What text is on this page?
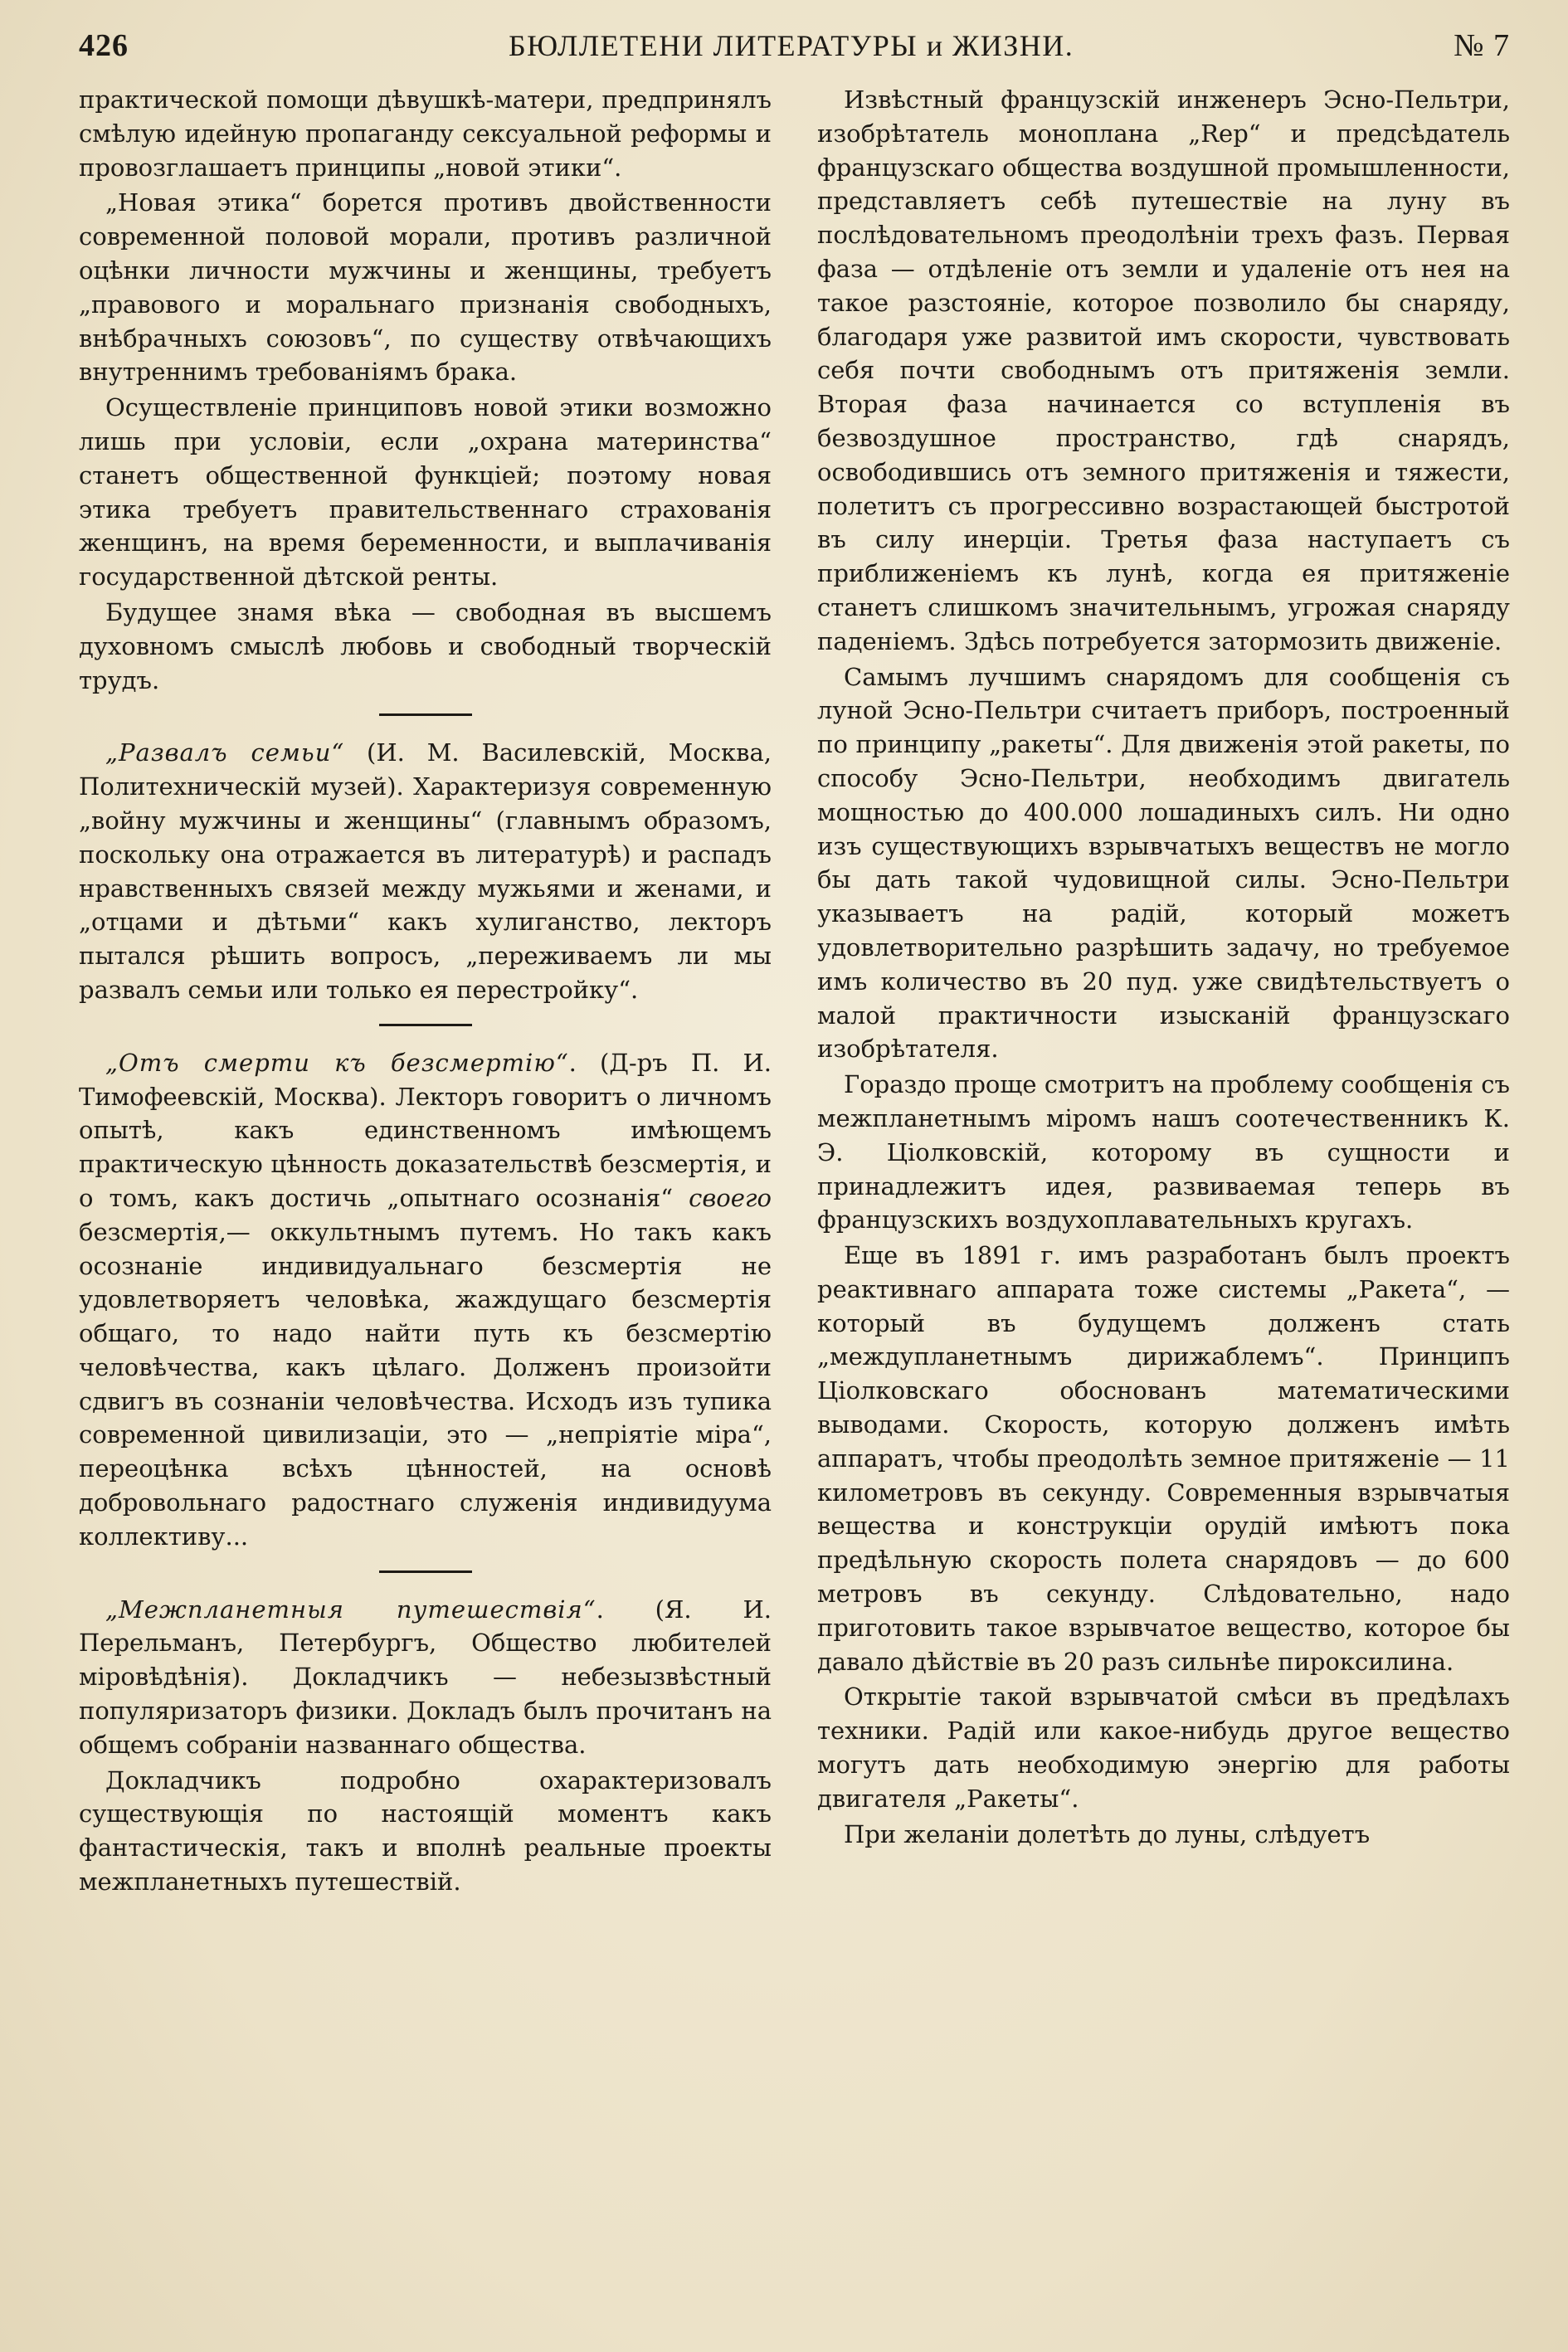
426	БЮЛЛЕТЕНИ ЛИТЕРАТУРЫ и ЖИЗНИ.	№ 7

практической помощи дѣвушкѣ-матери, предпринялъ смѣлую идейную пропаганду сексуальной реформы и провозглашаетъ принципы „новой этики“.

„Новая этика“ борется противъ двойственности современной половой морали, противъ различной оцѣнки личности мужчины и женщины, требуетъ „правового и моральнаго признанія свободныхъ, внѣбрачныхъ союзовъ“, по существу отвѣчающихъ внутреннимъ требованіямъ брака.

Осуществленіе принциповъ новой этики возможно лишь при условіи, если „охрана материнства“ станетъ общественной функціей; поэтому новая этика требуетъ правительственнаго страхованія женщинъ, на время беременности, и выплачиванія государственной дѣтской ренты.

Будущее знамя вѣка — свободная въ высшемъ духовномъ смыслѣ любовь и свободный творческій трудъ.

„Развалъ семьи“ (И. М. Василевскій, Москва, Политехническій музей). Характеризуя современную „войну мужчины и женщины“ (главнымъ образомъ, поскольку она отражается въ литературѣ) и распадъ нравственныхъ связей между мужьями и женами, и „отцами и дѣтьми“ какъ хулиганство, лекторъ пытался рѣшить вопросъ, „переживаемъ ли мы развалъ семьи или только ея перестройку“.

„Отъ смерти къ безсмертію“. (Д-ръ П. И. Тимофеевскій, Москва). Лекторъ говоритъ о личномъ опытѣ, какъ единственномъ имѣющемъ практическую цѣнность доказательствѣ безсмертія, и о томъ, какъ достичь „опытнаго осознанія“ своего безсмертія,— оккультнымъ путемъ. Но такъ какъ осознаніе индивидуальнаго безсмертія не удовлетворяетъ человѣка, жаждущаго безсмертія общаго, то надо найти путь къ безсмертію человѣчества, какъ цѣлаго. Долженъ произойти сдвигъ въ сознаніи человѣчества. Исходъ изъ тупика современной цивилизаціи, это — „непріятіе міра“, переоцѣнка всѣхъ цѣнностей, на основѣ добровольнаго радостнаго служенія индивидуума коллективу...

„Межпланетныя путешествія“. (Я. И. Перельманъ, Петербургъ, Общество любителей міровѣдѣнія). Докладчикъ — небезызвѣстный популяризаторъ физики. Докладъ былъ прочитанъ на общемъ собраніи названнаго общества.

Докладчикъ подробно охарактеризовалъ существующія по настоящій моментъ какъ фантастическія, такъ и вполнѣ реальные проекты межпланетныхъ путешествій.

Извѣстный французскій инженеръ Эсно-Пельтри, изобрѣтатель моноплана „Rep“ и предсѣдатель французскаго общества воздушной промышленности, представляетъ себѣ путешествіе на луну въ послѣдовательномъ преодолѣніи трехъ фазъ. Первая фаза — отдѣленіе отъ земли и удаленіе отъ нея на такое разстояніе, которое позволило бы снаряду, благодаря уже развитой имъ скорости, чувствовать себя почти свободнымъ отъ притяженія земли. Вторая фаза начинается со вступленія въ безвоздушное пространство, гдѣ снарядъ, освободившись отъ земного притяженія и тяжести, полетитъ съ прогрессивно возрастающей быстротой въ силу инерціи. Третья фаза наступаетъ съ приближеніемъ къ лунѣ, когда ея притяженіе станетъ слишкомъ значительнымъ, угрожая снаряду паденіемъ. Здѣсь потребуется затормозить движеніе.

Самымъ лучшимъ снарядомъ для сообщенія съ луной Эсно-Пельтри считаетъ приборъ, построенный по принципу „ракеты“. Для движенія этой ракеты, по способу Эсно-Пельтри, необходимъ двигатель мощностью до 400.000 лошадиныхъ силъ. Ни одно изъ существующихъ взрывчатыхъ веществъ не могло бы дать такой чудовищной силы. Эсно-Пельтри указываетъ на радій, который можетъ удовлетворительно разрѣшить задачу, но требуемое имъ количество въ 20 пуд. уже свидѣтельствуетъ о малой практичности изысканій французскаго изобрѣтателя.

Гораздо проще смотритъ на проблему сообщенія съ межпланетнымъ міромъ нашъ соотечественникъ К. Э. Ціолковскій, которому въ сущности и принадлежитъ идея, развиваемая теперь въ французскихъ воздухоплавательныхъ кругахъ.

Еще въ 1891 г. имъ разработанъ былъ проектъ реактивнаго аппарата тоже системы „Ракета“, — который въ будущемъ долженъ стать „междупланетнымъ дирижаблемъ“. Принципъ Ціолковскаго обоснованъ математическими выводами. Скорость, которую долженъ имѣть аппаратъ, чтобы преодолѣть земное притяженіе — 11 километровъ въ секунду. Современныя взрывчатыя вещества и конструкціи орудій имѣютъ пока предѣльную скорость полета снарядовъ — до 600 метровъ въ секунду. Слѣдовательно, надо приготовить такое взрывчатое вещество, которое бы давало дѣйствіе въ 20 разъ сильнѣе пироксилина.

Открытіе такой взрывчатой смѣси въ предѣлахъ техники. Радій или какое-нибудь другое вещество могутъ дать необходимую энергію для работы двигателя „Ракеты“.

При желаніи долетѣть до луны, слѣдуетъ
